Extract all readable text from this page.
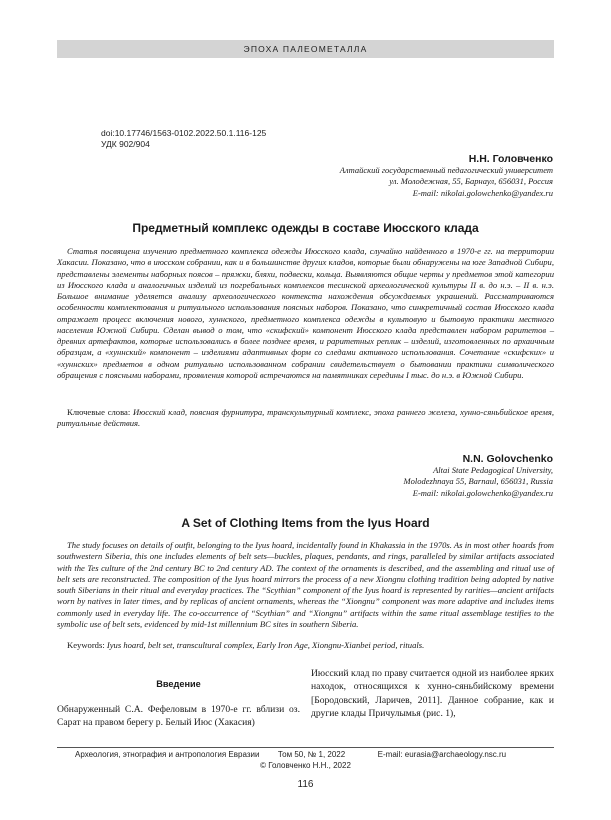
ЭПОХА ПАЛЕОМЕТАЛЛА
doi:10.17746/1563-0102.2022.50.1.116-125
УДК 902/904
Н.Н. Головченко
Алтайский государственный педагогический университет
ул. Молодежная, 55, Барнаул, 656031, Россия
E-mail: nikolai.golowchenko@yandex.ru
Предметный комплекс одежды в составе Июсского клада

Статья посвящена изучению предметного комплекса одежды Июсского клада, случайно найденного в 1970-е гг. на территории Хакасии. Показано, что в июсском собрании, как и в большинстве других кладов, которые были обнаружены на юге Западной Сибири, представлены элементы наборных поясов – пряжки, бляхи, подвески, кольца. Выявляются общие черты у предметов этой категории из Июсского клада и аналогичных изделий из погребальных комплексов тесинской археологической культуры II в. до н.э. – II в. н.э. Большое внимание уделяется анализу археологического контекста нахождения обсуждаемых украшений. Рассматриваются особенности комплектования и ритуального использования поясных наборов. Показано, что синкретичный состав Июсского клада отражает процесс включения нового, хуннского, предметного комплекса одежды в культовую и бытовую практики местного населения Южной Сибири. Сделан вывод о том, что «скифский» компонент Июсского клада представлен набором раритетов – древних артефактов, которые использовались в более позднее время, и раритетных реплик – изделий, изготовленных по архаичным образцам, а «хуннский» компонент – изделиями адаптивных форм со следами активного использования. Сочетание «скифских» и «хуннских» предметов в одном ритуально использованном собрании свидетельствует о бытовании практики символического обращения с поясными наборами, проявления которой встречаются на памятниках середины I тыс. до н.э. в Южной Сибири.

Ключевые слова: Июсский клад, поясная фурнитура, транскультурный комплекс, эпоха раннего железа, хунно-сяньбийское время, ритуальные действия.

N.N. Golovchenko
Altai State Pedagogical University,
Molodezhnaya 55, Barnaul, 656031, Russia
E-mail: nikolai.golowchenko@yandex.ru
A Set of Clothing Items from the Iyus Hoard

The study focuses on details of outfit, belonging to the Iyus hoard, incidentally found in Khakassia in the 1970s. As in most other hoards from southwestern Siberia, this one includes elements of belt sets—buckles, plaques, pendants, and rings, paralleled by similar artifacts associated with the Tes culture of the 2nd century BC to 2nd century AD. The context of the ornaments is described, and the assembling and ritual use of belt sets are reconstructed. The composition of the Iyus hoard mirrors the process of a new Xiongnu clothing tradition being adopted by native south Siberians in their ritual and everyday practices. The “Scythian” component of the Iyus hoard is represented by rarities—ancient artifacts worn by natives in later times, and by replicas of ancient ornaments, whereas the “Xiongnu” component was more adaptive and includes items commonly used in everyday life. The co-occurrence of “Scythian” and “Xiongnu” artifacts within the same ritual assemblage testifies to the symbolic use of belt sets, evidenced by mid-1st millennium BC sites in southern Siberia.

Keywords: Iyus hoard, belt set, transcultural complex, Early Iron Age, Xiongnu-Xianbei period, rituals.

Введение

Обнаруженный С.А. Фефеловым в 1970-е гг. вблизи оз. Сарат на правом берегу р. Белый Июс (Хакасия)

Июсский клад по праву считается одной из наиболее ярких находок, относящихся к хунно-сяньбийскому времени [Бородовский, Ларичев, 2011]. Данное собрание, как и другие клады Причулымья (рис. 1),

Археология, этнография и антропология Евразии Том 50, № 1, 2022	E-mail: eurasia@archaeology.nsc.ru
© Головченко Н.Н., 2022
116
